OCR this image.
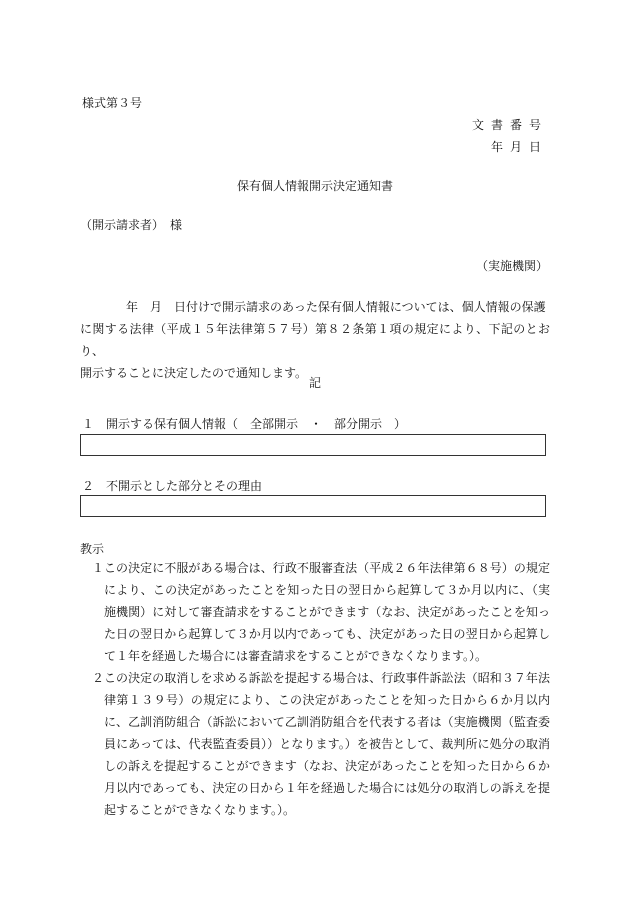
様式第３号
文書番号
年月日
保有個人情報開示決定通知書
（開示請求者）　様
（実施機関）

年　月　日付けで開示請求のあった保有個人情報については、個人情報の保護

に関する法律（平成１５年法律第５７号）第８２条第１項の規定により、下記のとおり、

開示することに決定したので通知します。

記
１　開示する保有個人情報（　全部開示　・　部分開示　）
２　不開示とした部分とその理由
教示
１ この決定に不服がある場合は、行政不服審査法（平成２６年法律第６８号）の規定により、この決定があったことを知った日の翌日から起算して３か月以内に、（実施機関）に対して審査請求をすることができます（なお、決定があったことを知った日の翌日から起算して３か月以内であっても、決定があった日の翌日から起算して１年を経過した場合には審査請求をすることができなくなります。）。
２ この決定の取消しを求める訴訟を提起する場合は、行政事件訴訟法（昭和３７年法律第１３９号）の規定により、この決定があったことを知った日から６か月以内に、乙訓消防組合（訴訟において乙訓消防組合を代表する者は（実施機関（監査委員にあっては、代表監査委員））となります。）を被告として、裁判所に処分の取消しの訴えを提起することができます（なお、決定があったことを知った日から６か月以内であっても、決定の日から１年を経過した場合には処分の取消しの訴えを提起することができなくなります。）。
